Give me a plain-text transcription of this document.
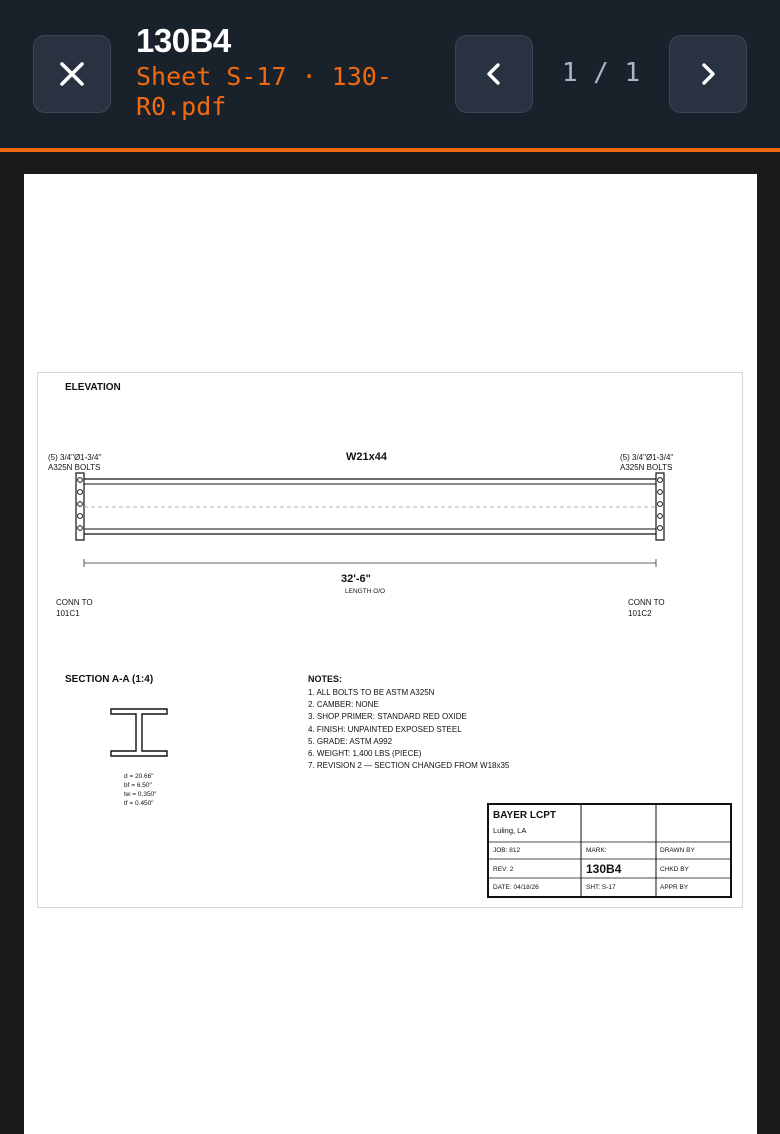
130B4
Sheet S-17 · 130-R0.pdf
1 / 1
ELEVATION
W21x44
(5) 3/4"Ø1-3/4"
A325N BOLTS
(5) 3/4"Ø1-3/4"
A325N BOLTS
32'-6"
LENGTH O/O
CONN TO
101C1
CONN TO
101C2
SECTION A-A (1:4)
d = 20.66"
bf = 6.50"
tw = 0.350"
tf = 0.450"
NOTES:
1. ALL BOLTS TO BE ASTM A325N
2. CAMBER: NONE
3. SHOP PRIMER: STANDARD RED OXIDE
4. FINISH: UNPAINTED EXPOSED STEEL
5. GRADE: ASTM A992
6. WEIGHT: 1,400 LBS (PIECE)
7. REVISION 2 — SECTION CHANGED FROM W18x35
BAYER LCPT
Luling, LA
JOB: 812
REV: 2
DATE: 04/18/26
MARK:
130B4
SHT: S-17
DRAWN BY
CHKD BY
APPR BY
